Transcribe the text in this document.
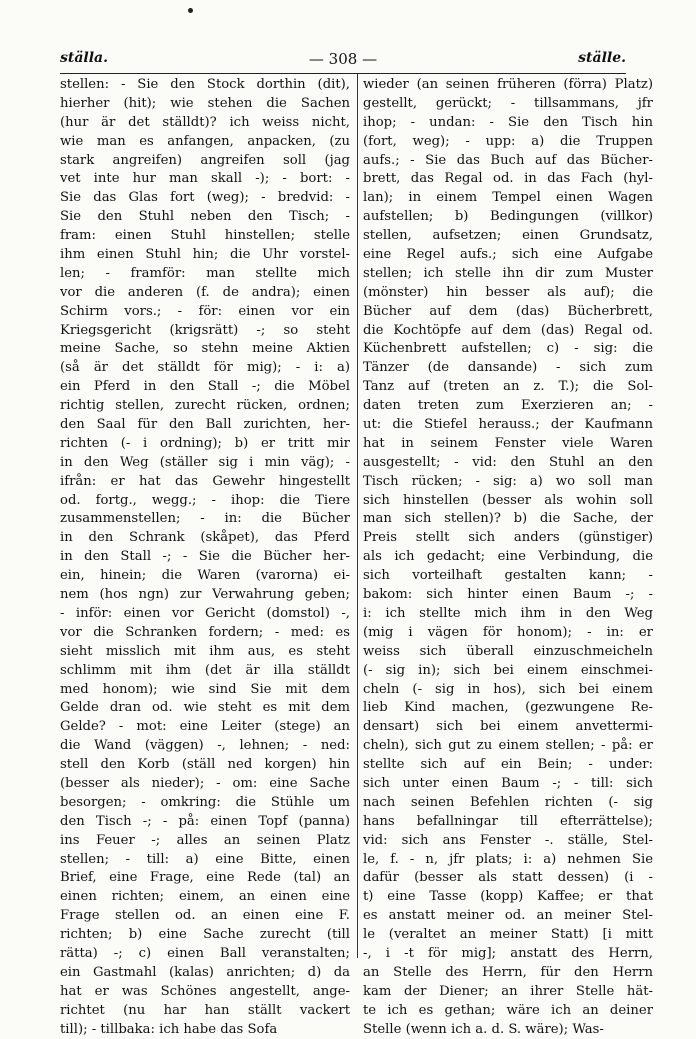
ställa.	— 308 —	ställe.
stellen: - Sie den Stock dorthin (dit),
hierher (hit); wie stehen die Sachen
(hur är det ställdt)? ich weiss nicht,
wie man es anfangen, anpacken, (zu
stark angreifen) angreifen soll (jag
vet inte hur man skall -); - bort: -
Sie das Glas fort (weg); - bredvid: -
Sie den Stuhl neben den Tisch; -
fram: einen Stuhl hinstellen; stelle
ihm einen Stuhl hin; die Uhr vorstel-
len; - framför: man stellte mich
vor die anderen (f. de andra); einen
Schirm vors.; - för: einen vor ein
Kriegsgericht (krigsrätt) -; so steht
meine Sache, so stehn meine Aktien
(så är det ställdt för mig); - i: a)
ein Pferd in den Stall -; die Möbel
richtig stellen, zurecht rücken, ordnen;
den Saal für den Ball zurichten, her-
richten (- i ordning); b) er tritt mir
in den Weg (ställer sig i min väg); -
ifrån: er hat das Gewehr hingestellt
od. fortg., wegg.; - ihop: die Tiere
zusammenstellen; - in: die Bücher
in den Schrank (skåpet), das Pferd
in den Stall -; - Sie die Bücher her-
ein, hinein; die Waren (varorna) ei-
nem (hos ngn) zur Verwahrung geben;
- inför: einen vor Gericht (domstol) -,
vor die Schranken fordern; - med: es
sieht misslich mit ihm aus, es steht
schlimm mit ihm (det är illa ställdt
med honom); wie sind Sie mit dem
Gelde dran od. wie steht es mit dem
Gelde? - mot: eine Leiter (stege) an
die Wand (väggen) -, lehnen; - ned:
stell den Korb (ställ ned korgen) hin
(besser als nieder); - om: eine Sache
besorgen; - omkring: die Stühle um
den Tisch -; - på: einen Topf (panna)
ins Feuer -; alles an seinen Platz
stellen; - till: a) eine Bitte, einen
Brief, eine Frage, eine Rede (tal) an
einen richten; einem, an einen eine
Frage stellen od. an einen eine F.
richten; b) eine Sache zurecht (till
rätta) -; c) einen Ball veranstalten;
ein Gastmahl (kalas) anrichten; d) da
hat er was Schönes angestellt, ange-
richtet (nu har han ställt vackert
till); - tillbaka: ich habe das Sofa
wieder (an seinen früheren (förra) Platz)
gestellt, gerückt; - tillsammans, jfr
ihop; - undan: - Sie den Tisch hin
(fort, weg); - upp: a) die Truppen
aufs.; - Sie das Buch auf das Bücher-
brett, das Regal od. in das Fach (hyl-
lan); in einem Tempel einen Wagen
aufstellen; b) Bedingungen (villkor)
stellen, aufsetzen; einen Grundsatz,
eine Regel aufs.; sich eine Aufgabe
stellen; ich stelle ihn dir zum Muster
(mönster) hin besser als auf); die
Bücher auf dem (das) Bücherbrett,
die Kochtöpfe auf dem (das) Regal od.
Küchenbrett aufstellen; c) - sig: die
Tänzer (de dansande) - sich zum
Tanz auf (treten an z. T.); die Sol-
daten treten zum Exerzieren an; -
ut: die Stiefel herauss.; der Kaufmann
hat in seinem Fenster viele Waren
ausgestellt; - vid: den Stuhl an den
Tisch rücken; - sig: a) wo soll man
sich hinstellen (besser als wohin soll
man sich stellen)? b) die Sache, der
Preis stellt sich anders (günstiger)
als ich gedacht; eine Verbindung, die
sich vorteilhaft gestalten kann; -
bakom: sich hinter einen Baum -; -
i: ich stellte mich ihm in den Weg
(mig i vägen för honom); - in: er
weiss sich überall einzuschmeicheln
(- sig in); sich bei einem einschmei-
cheln (- sig in hos), sich bei einem
lieb Kind machen, (gezwungene Re-
densart) sich bei einem anvettermi-
cheln), sich gut zu einem stellen; - på: er
stellte sich auf ein Bein; - under:
sich unter einen Baum -; - till: sich
nach seinen Befehlen richten (- sig
hans befallningar till efterrättelse);
vid: sich ans Fenster -. ställe, Stel-
le, f. - n, jfr plats; i: a) nehmen Sie
dafür (besser als statt dessen) (i -
t) eine Tasse (kopp) Kaffee; er that
es anstatt meiner od. an meiner Stel-
le (veraltet an meiner Statt) [i mitt
-, i -t för mig]; anstatt des Herrn,
an Stelle des Herrn, für den Herrn
kam der Diener; an ihrer Stelle hät-
te ich es gethan; wäre ich an deiner
Stelle (wenn ich a. d. S. wäre); Was-
